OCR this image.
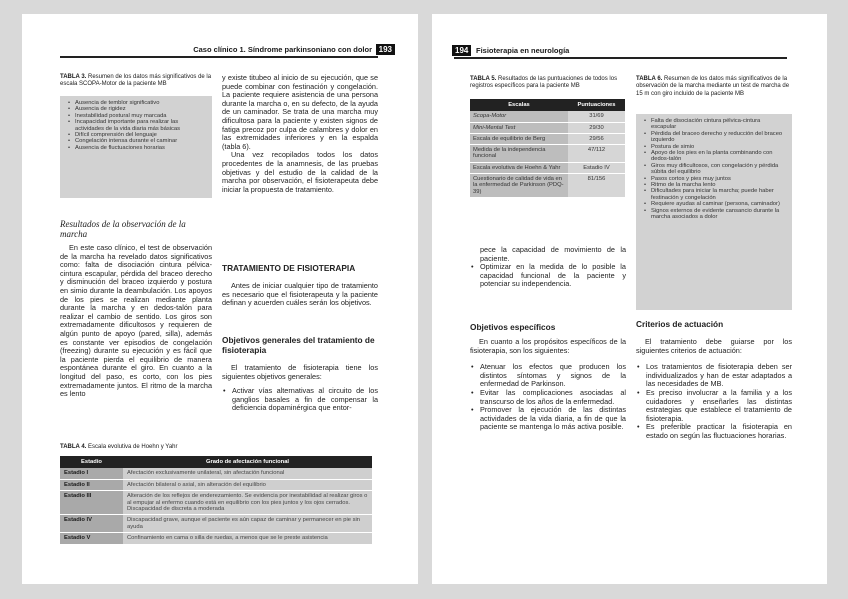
Caso clínico 1. Síndrome parkinsoniano con dolor 193
TABLA 3. Resumen de los datos más significativos de la escala SCOPA-Motor de la paciente MB
• Ausencia de temblor significativo
• Ausencia de rigidez
• Inestabilidad postural muy marcada
• Incapacidad importante para realizar las actividades de la vida diaria más básicas
• Difícil comprensión del lenguaje
• Congelación intensa durante el caminar
• Ausencia de fluctuaciones horarias
Resultados de la observación de la marcha

En este caso clínico, el test de observación de la marcha ha revelado datos significativos como: falta de disociación cintura pélvica-cintura escapular, pérdida del braceo derecho y disminución del braceo izquierdo y postura en simio durante la deambulación. Los apoyos de los pies se realizan mediante planta durante la marcha y en dedos-talón para realizar el cambio de sentido. Los giros son extremadamente dificultosos y requieren de algún punto de apoyo (pared, silla), además es constante ver episodios de congelación (freezing) durante su ejecución y es fácil que la paciente pierda el equilibrio de manera espontánea durante el giro. En cuanto a la longitud del paso, es corto, con los pies extremadamente juntos. El ritmo de la marcha es lento

y existe titubeo al inicio de su ejecución, que se puede combinar con festinación y congelación. La paciente requiere asistencia de una persona durante la marcha o, en su defecto, de la ayuda de un caminador. Se trata de una marcha muy dificultosa para la paciente y existen signos de fatiga precoz por culpa de calambres y dolor en las extremidades inferiores y en la espalda (tabla 6).

Una vez recopilados todos los datos procedentes de la anamnesis, de las pruebas objetivas y del estudio de la calidad de la marcha por observación, el fisioterapeuta debe iniciar la propuesta de tratamiento.

TRATAMIENTO DE FISIOTERAPIA

Antes de iniciar cualquier tipo de tratamiento es necesario que el fisioterapeuta y la paciente definan y acuerden cuáles serán los objetivos.

Objetivos generales del tratamiento de fisioterapia

El tratamiento de fisioterapia tiene los siguientes objetivos generales:

• Activar vías alternativas al circuito de los ganglios basales a fin de compensar la deficiencia dopaminérgica que entor-
TABLA 4. Escala evolutiva de Hoehn y Yahr
Estadio	Grado de afectación funcional
Estadio I	Afectación exclusivamente unilateral, sin afectación funcional
Estadio II	Afectación bilateral o axial, sin alteración del equilibrio
Estadio III	Alteración de los reflejos de enderezamiento. Se evidencia por inestabilidad al realizar giros o al empujar al enfermo cuando está en equilibrio con los pies juntos y los ojos cerrados. Discapacidad de discreta a moderada
Estadio IV	Discapacidad grave, aunque el paciente es aún capaz de caminar y permanecer en pie sin ayuda
Estadio V	Confinamiento en cama o silla de ruedas, a menos que se le preste asistencia
194	Fisioterapia en neurología
TABLA 5. Resultados de las puntuaciones de todos los registros específicos para la paciente MB
Escalas	Puntuaciones
Scopa-Motor	31/69
Mini-Mental Test	29/30
Escala de equilibrio de Berg	29/56
Medida de la independencia funcional	47/112
Escala evolutiva de Hoehn & Yahr	Estadio IV
Cuestionario de calidad de vida en la enfermedad de Parkinson (PDQ-39)	81/156

pece la capacidad de movimiento de la paciente.

• Optimizar en la medida de lo posible la capacidad funcional de la paciente y potenciar su independencia.
Objetivos específicos

En cuanto a los propósitos específicos de la fisioterapia, son los siguientes:

• Atenuar los efectos que producen los distintos síntomas y signos de la enfermedad de Parkinson.
• Evitar las complicaciones asociadas al transcurso de los años de la enfermedad.
• Promover la ejecución de las distintas actividades de la vida diaria, a fin de que la paciente se mantenga lo más activa posible.
TABLA 6. Resumen de los datos más significativos de la observación de la marcha mediante un test de marcha de 15 m con giro incluido de la paciente MB
• Falta de disociación cintura pélvica-cintura escapular
• Pérdida del braceo derecho y reducción del braceo izquierdo
• Postura de simio
• Apoyo de los pies en la planta combinando con dedos-talón
• Giros muy dificultosos, con congelación y pérdida súbita del equilibrio
• Pasos cortos y pies muy juntos
• Ritmo de la marcha lento
• Dificultades para iniciar la marcha; puede haber festinación y congelación
• Requiere ayudas al caminar (persona, caminador)
• Signos externos de evidente cansancio durante la marcha asociados a dolor
Criterios de actuación

El tratamiento debe guiarse por los siguientes criterios de actuación:

• Los tratamientos de fisioterapia deben ser individualizados y han de estar adaptados a las necesidades de MB.
• Es preciso involucrar a la familia y a los cuidadores y enseñarles las distintas estrategias que establece el tratamiento de fisioterapia.
• Es preferible practicar la fisioterapia en estado on según las fluctuaciones horarias.
